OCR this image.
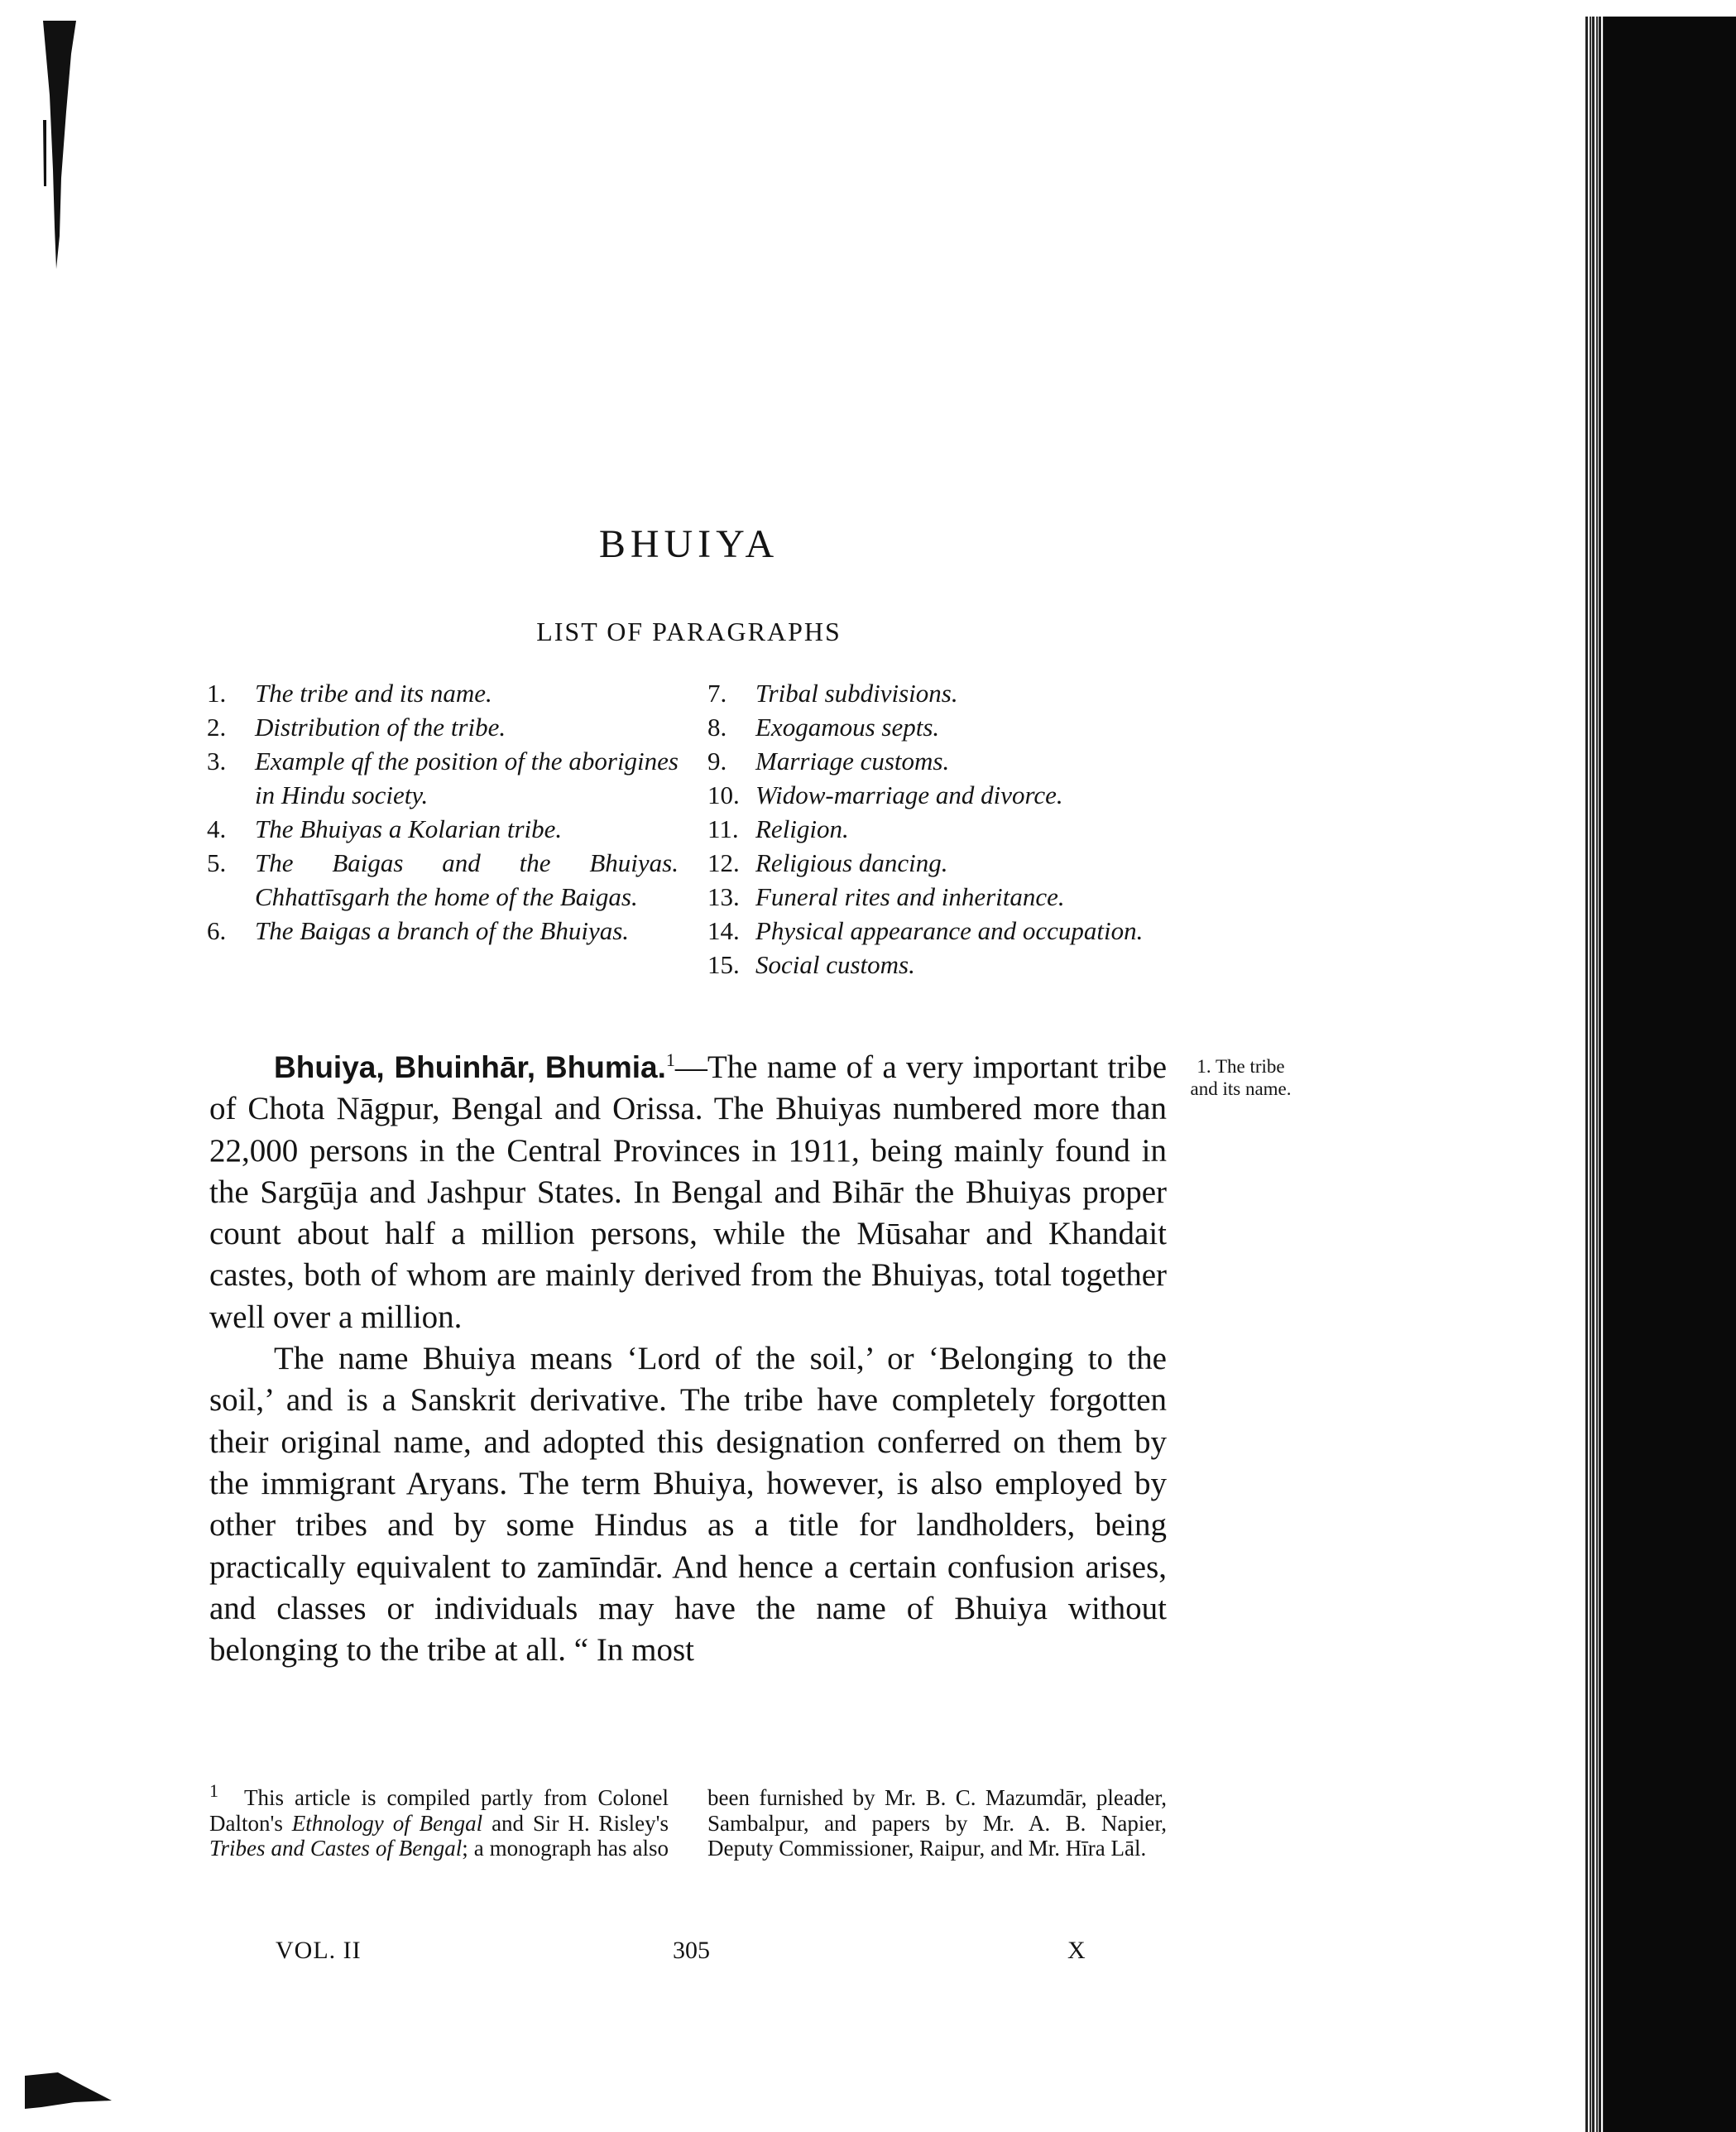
BHUIYA
LIST OF PARAGRAPHS
1.	The tribe and its name.
2.	Distribution of the tribe.
3.	Example qf the position of the aborigines in Hindu society.
4.	The Bhuiyas a Kolarian tribe.
5.	The Baigas and the Bhuiyas. Chhattīsgarh the home of the Baigas.
6.	The Baigas a branch of the Bhuiyas.
7.	Tribal subdivisions.
8.	Exogamous septs.
9.	Marriage customs.
10. Widow-marriage and divorce.
11. Religion.
12. Religious dancing.
13. Funeral rites and inheritance.
14. Physical appearance and occupation.
15. Social customs.

Bhuiya, Bhuinhār, Bhumia.$^1$—The name of a very important tribe of Chota Nāgpur, Bengal and Orissa. The Bhuiyas numbered more than 22,000 persons in the Central Provinces in 1911, being mainly found in the Sargūja and Jashpur States. In Bengal and Bihār the Bhuiyas proper count about half a million persons, while the Mūsahar and Khandait castes, both of whom are mainly derived from the Bhuiyas, total together well over a million.

The name Bhuiya means ‘Lord of the soil,’ or ‘Belonging to the soil,’ and is a Sanskrit derivative. The tribe have completely forgotten their original name, and adopted this designation conferred on them by the immigrant Aryans. The term Bhuiya, however, is also employed by other tribes and by some Hindus as a title for landholders, being practically equivalent to zamīndār. And hence a certain confusion arises, and classes or individuals may have the name of Bhuiya without belonging to the tribe at all. “ In most

1. The tribe and its name.

$^1$ This article is compiled partly from Colonel Dalton's Ethnology of Bengal and Sir H. Risley's Tribes and Castes of Bengal; a monograph has also been furnished by Mr. B. C. Mazumdār, pleader, Sambalpur, and papers by Mr. A. B. Napier, Deputy Commissioner, Raipur, and Mr. Hīra Lāl.

VOL. II	305	X
